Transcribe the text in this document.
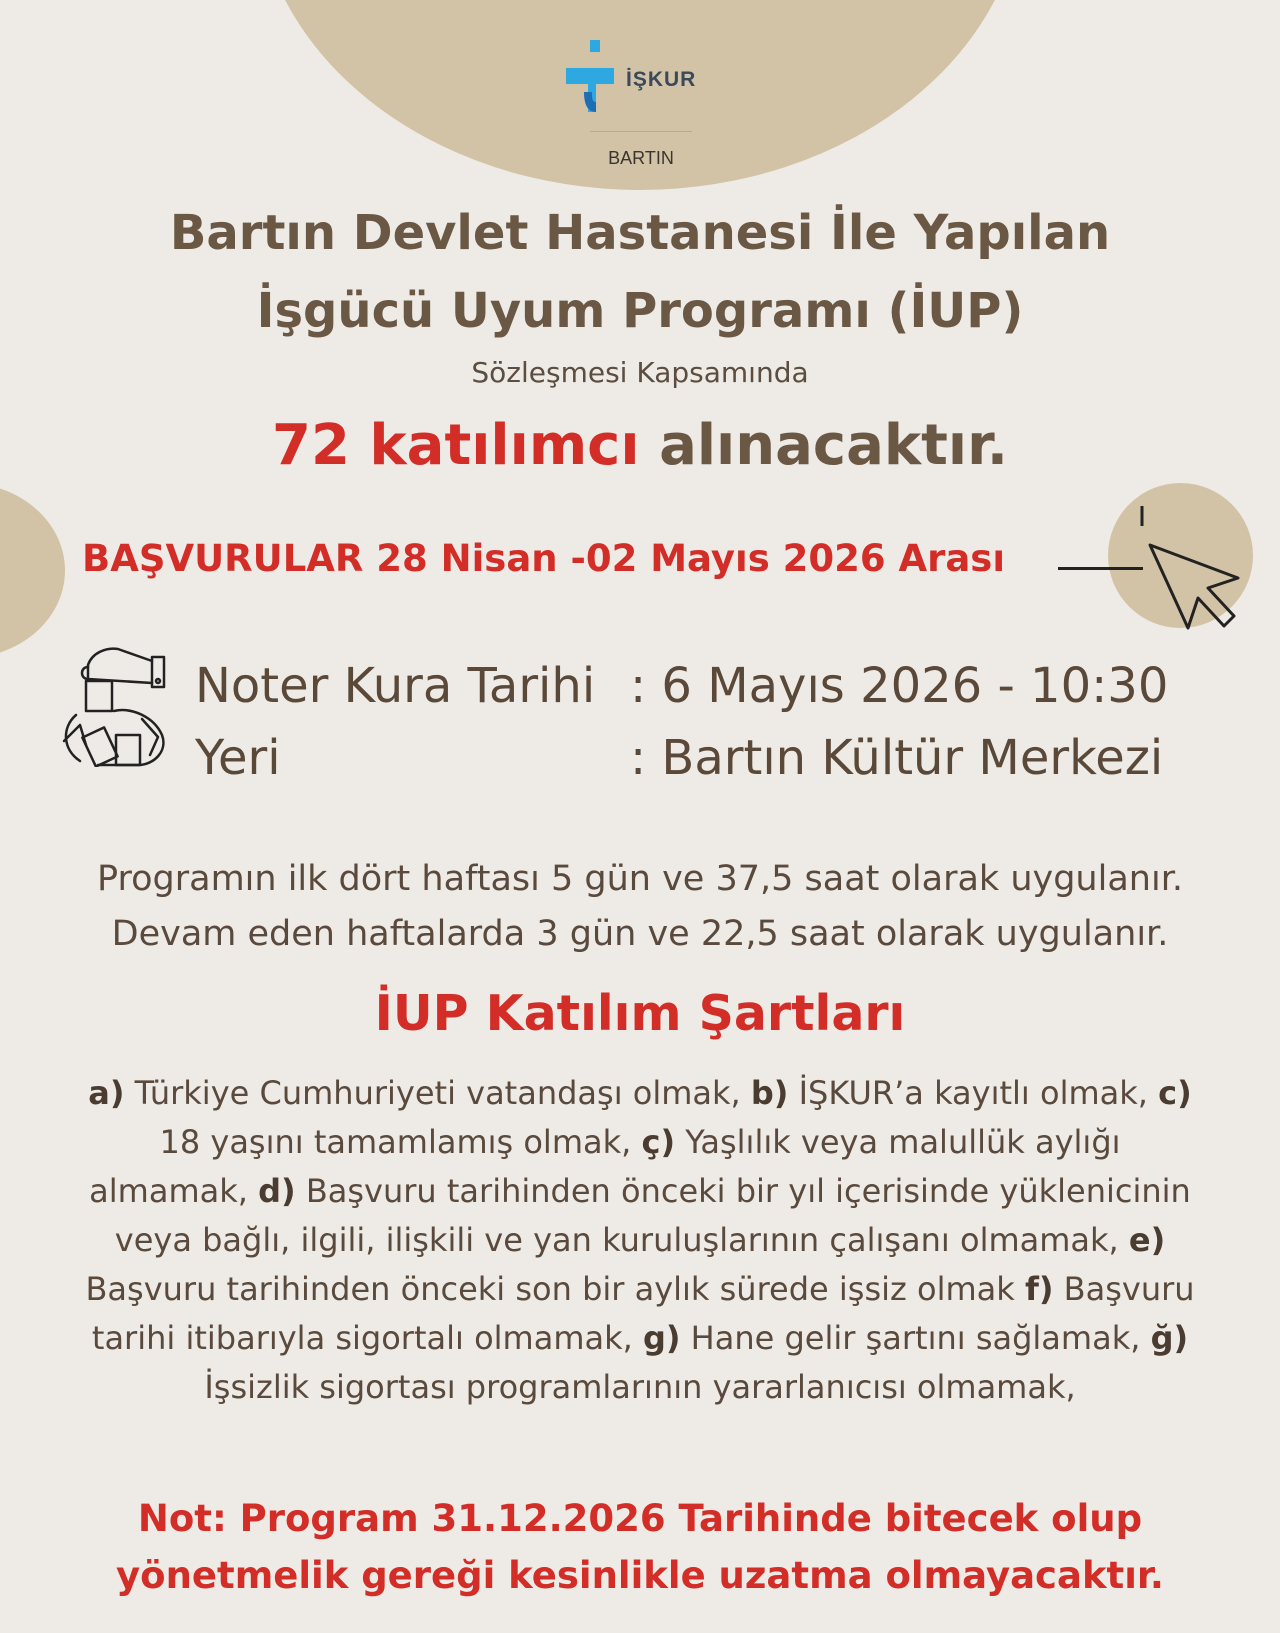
İŞKUR
BARTIN
Bartın Devlet Hastanesi İle Yapılan
İşgücü Uyum Programı (İUP)
Sözleşmesi Kapsamında
72 katılımcı alınacaktır.
BAŞVURULAR 28 Nisan -02 Mayıs 2026 Arası
Noter Kura Tarihi : 6 Mayıs 2026 - 10:30
Yeri	: Bartın Kültür Merkezi
Programın ilk dört haftası 5 gün ve 37,5 saat olarak uygulanır.
Devam eden haftalarda 3 gün ve 22,5 saat olarak uygulanır.
İUP Katılım Şartları
a) Türkiye Cumhuriyeti vatandaşı olmak, b) İŞKUR’a kayıtlı olmak, c) 18 yaşını tamamlamış olmak, ç) Yaşlılık veya malullük aylığı almamak, d) Başvuru tarihinden önceki bir yıl içerisinde yüklenicinin veya bağlı, ilgili, ilişkili ve yan kuruluşlarının çalışanı olmamak, e) Başvuru tarihinden önceki son bir aylık sürede işsiz olmak f) Başvuru tarihi itibarıyla sigortalı olmamak, g) Hane gelir şartını sağlamak, ğ) İşsizlik sigortası programlarının yararlanıcısı olmamak,
Not: Program 31.12.2026 Tarihinde bitecek olup
yönetmelik gereği kesinlikle uzatma olmayacaktır.
